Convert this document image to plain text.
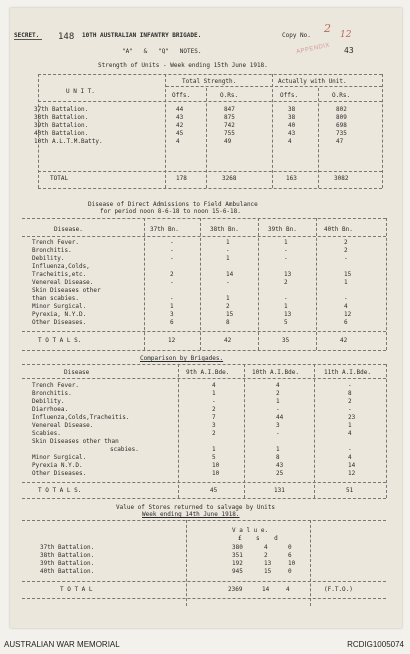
SECRET. 148 10TH AUSTRALIAN INFANTRY BRIGADE.	Copy No.
2
APPENDIX
12
43
"A"   &   "Q"   NOTES.
Strength of Units - Week ending 15th June 1918.
Total Strength.	Actually with Unit.
U N I T.
Offs.	O.Rs.	Offs.	O.Rs.
37th Battalion.	44	847	38	802
38th Battalion.	43	875	38	809
39th Battalion.	42	742	40	698
40th Battalion.	45	755	43	735
10th A.L.T.M.Batty.	4	49	4	47
TOTAL	178	3268	163	3082
Disease of Direct Admissions to Field Ambulance
for period noon 8-6-18 to noon 15-6-18.
Disease.	37th Bn.	38th Bn.	39th Bn.	40th Bn.
Trench Fever.	-	1	1	2
Bronchitis.	-	-	-	2
Debility.	-	1	-	-
Influenza,Colds,
Tracheitis,etc.	2	14	13	15
Venereal Disease.	-	-	2	1
Skin Diseases other
than scabies.	-	1	-	-
Minor Surgical.	1	2	1	4
Pyrexia, N.Y.D.	3	15	13	12
Other Diseases.	6	8	5	6
T O T A L S.	12	42	35	42
Comparison by Brigades.
Disease	9th A.I.Bde.	10th A.I.Bde.	11th A.I.Bde.
Trench Fever.	4	4	-
Bronchitis.	1	2	8
Debility.	-	1	2
Diarrhoea.	2	-	-
Influenza,Colds,Tracheitis.	7	44	23
Venereal Disease.	3	3	1
Scabies.	2	-	4
Skin Diseases other than
scabies.	1	1	-
Minor Surgical.	5	8	4
Pyrexia N.Y.D.	10	43	14
Other Diseases.	10	25	12
T O T A L S.	45	131	51
Value of Stores returned to salvage by Units
Week ending 14th June 1918.
V a l u e.
£    s    d
37th Battalion.	380	4	0
38th Battalion.	351	2	6
39th Battalion.	192	13	10
40th Battalion.	945	15	0
T O T A L	2369	14	4	(F.T.O.)
AUSTRALIAN WAR MEMORIAL	RCDIG1005074
